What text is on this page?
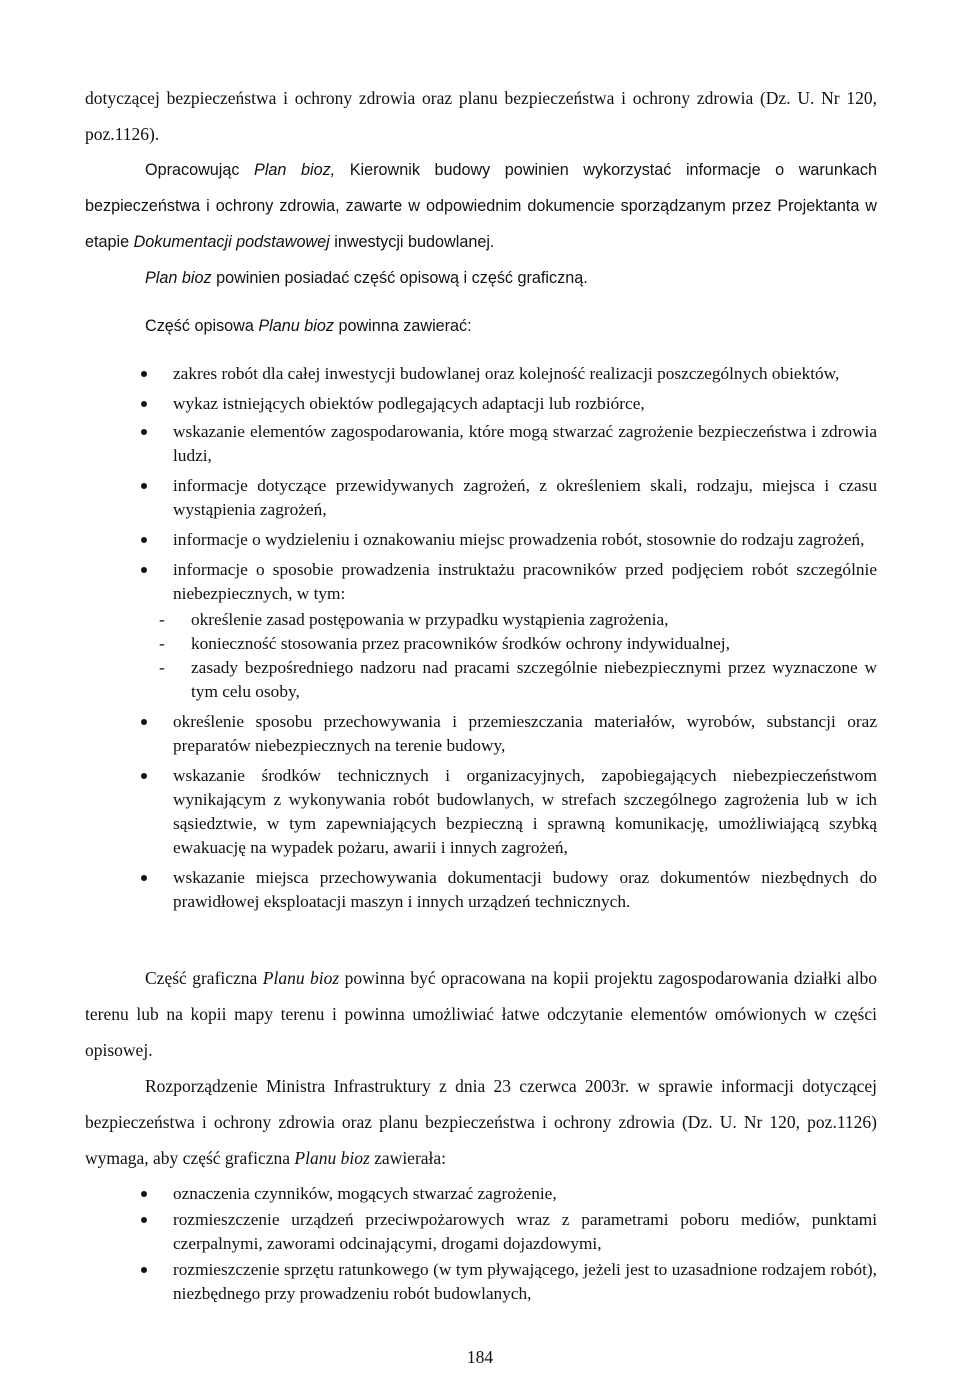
dotyczącej bezpieczeństwa i ochrony zdrowia oraz planu bezpieczeństwa i ochrony zdrowia (Dz. U. Nr 120, poz.1126).

Opracowując Plan bioz, Kierownik budowy powinien wykorzystać informacje o warunkach bezpieczeństwa i ochrony zdrowia, zawarte w odpowiednim dokumencie sporządzanym przez Projektanta w etapie Dokumentacji podstawowej inwestycji budowlanej.

Plan bioz powinien posiadać część opisową i część graficzną.

Część opisowa Planu bioz powinna zawierać:

zakres robót dla całej inwestycji budowlanej oraz kolejność realizacji poszczególnych obiektów,
wykaz istniejących obiektów podlegających adaptacji lub rozbiórce,
wskazanie elementów zagospodarowania, które mogą stwarzać zagrożenie bezpieczeństwa i zdrowia ludzi,
informacje dotyczące przewidywanych zagrożeń, z określeniem skali, rodzaju, miejsca i czasu wystąpienia zagrożeń,
informacje o wydzieleniu i oznakowaniu miejsc prowadzenia robót, stosownie do rodzaju zagrożeń,
informacje o sposobie prowadzenia instruktażu pracowników przed podjęciem robót szczególnie niebezpiecznych, w tym:
- określenie zasad postępowania w przypadku wystąpienia zagrożenia,
- konieczność stosowania przez pracowników środków ochrony indywidualnej,
- zasady bezpośredniego nadzoru nad pracami szczególnie niebezpiecznymi przez wyznaczone w tym celu osoby,
określenie sposobu przechowywania i przemieszczania materiałów, wyrobów, substancji oraz preparatów niebezpiecznych na terenie budowy,
wskazanie środków technicznych i organizacyjnych, zapobiegających niebezpieczeństwom wynikającym z wykonywania robót budowlanych, w strefach szczególnego zagrożenia lub w ich sąsiedztwie, w tym zapewniających bezpieczną i sprawną komunikację, umożliwiającą szybką ewakuację na wypadek pożaru, awarii i innych zagrożeń,
wskazanie miejsca przechowywania dokumentacji budowy oraz dokumentów niezbędnych do prawidłowej eksploatacji maszyn i innych urządzeń technicznych.

Część graficzna Planu bioz powinna być opracowana na kopii projektu zagospodarowania działki albo terenu lub na kopii mapy terenu i powinna umożliwiać łatwe odczytanie elementów omówionych w części opisowej.

Rozporządzenie Ministra Infrastruktury z dnia 23 czerwca 2003r. w sprawie informacji dotyczącej bezpieczeństwa i ochrony zdrowia oraz planu bezpieczeństwa i ochrony zdrowia (Dz. U. Nr 120, poz.1126) wymaga, aby część graficzna Planu bioz zawierała:

oznaczenia czynników, mogących stwarzać zagrożenie,
rozmieszczenie urządzeń przeciwpożarowych wraz z parametrami poboru mediów, punktami czerpalnymi, zaworami odcinającymi, drogami dojazdowymi,
rozmieszczenie sprzętu ratunkowego (w tym pływającego, jeżeli jest to uzasadnione rodzajem robót), niezbędnego przy prowadzeniu robót budowlanych,
184
